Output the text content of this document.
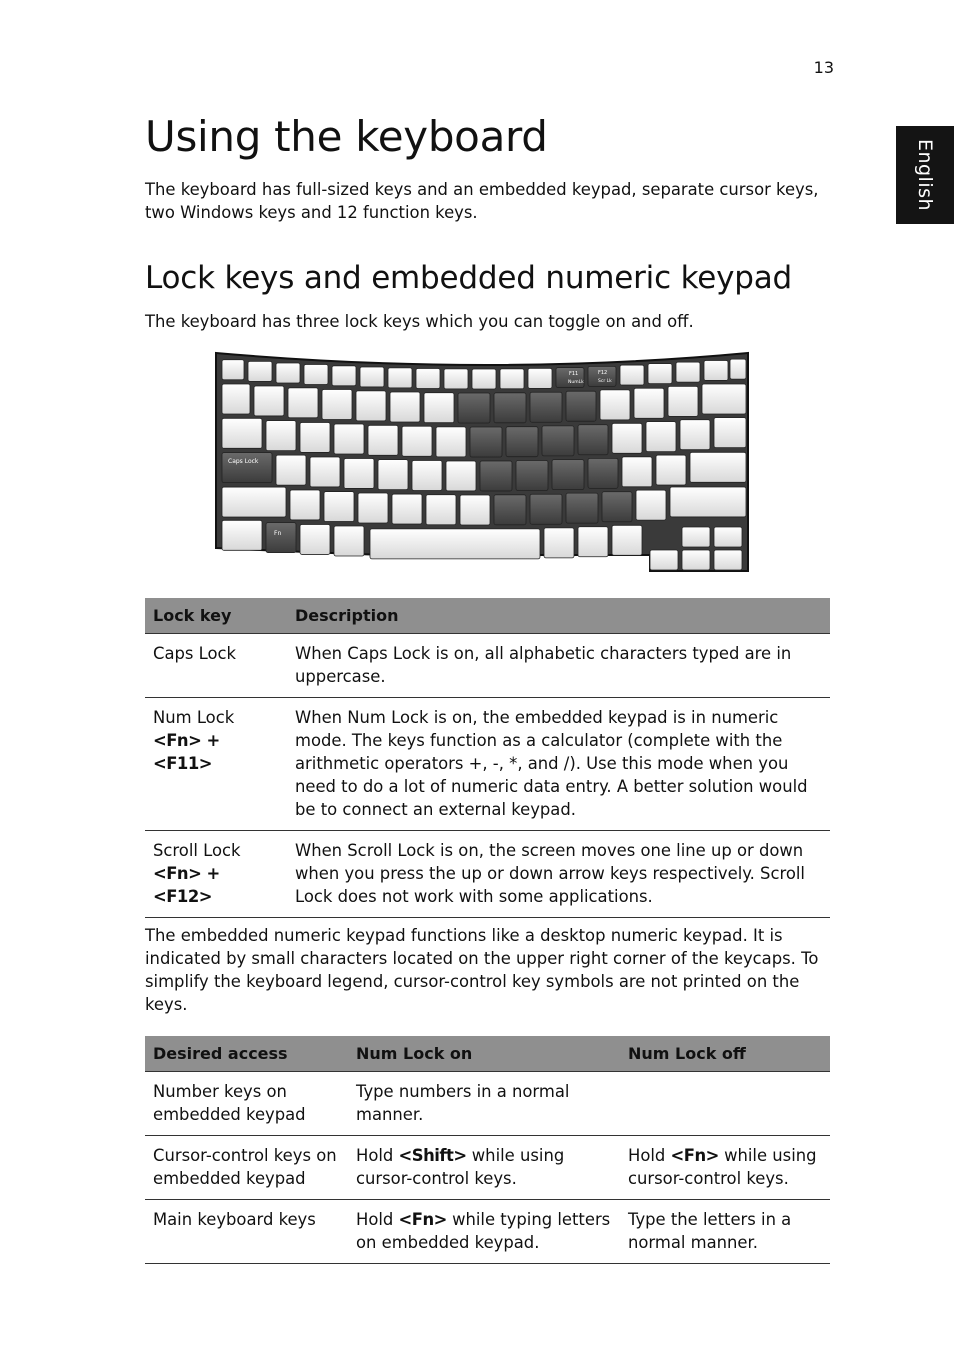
13
English
Using the keyboard

The keyboard has full-sized keys and an embedded keypad, separate cursor keys, two Windows keys and 12 function keys.

Lock keys and embedded numeric keypad

The keyboard has three lock keys which you can toggle on and off.

Caps Lock
Fn
F11
NumLk
F12
Scr Lk
Lock key	Description

Caps Lock	When Caps Lock is on, all alphabetic characters typed are in uppercase.

Num Lock
<Fn> + <F11>	When Num Lock is on, the embedded keypad is in numeric mode. The keys function as a calculator (complete with the arithmetic operators +, -, *, and /). Use this mode when you need to do a lot of numeric data entry. A better solution would be to connect an external keypad.

Scroll Lock
<Fn> + <F12>	When Scroll Lock is on, the screen moves one line up or down when you press the up or down arrow keys respectively. Scroll Lock does not work with some applications.

The embedded numeric keypad functions like a desktop numeric keypad. It is indicated by small characters located on the upper right corner of the keycaps. To simplify the keyboard legend, cursor-control key symbols are not printed on the keys.

Desired access	Num Lock on	Num Lock off
Number keys on embedded keypad	Type numbers in a normal manner.	
Cursor-control keys on embedded keypad	Hold <Shift> while using cursor-control keys.	Hold <Fn> while using cursor-control keys.
Main keyboard keys	Hold <Fn> while typing letters on embedded keypad.	Type the letters in a normal manner.
